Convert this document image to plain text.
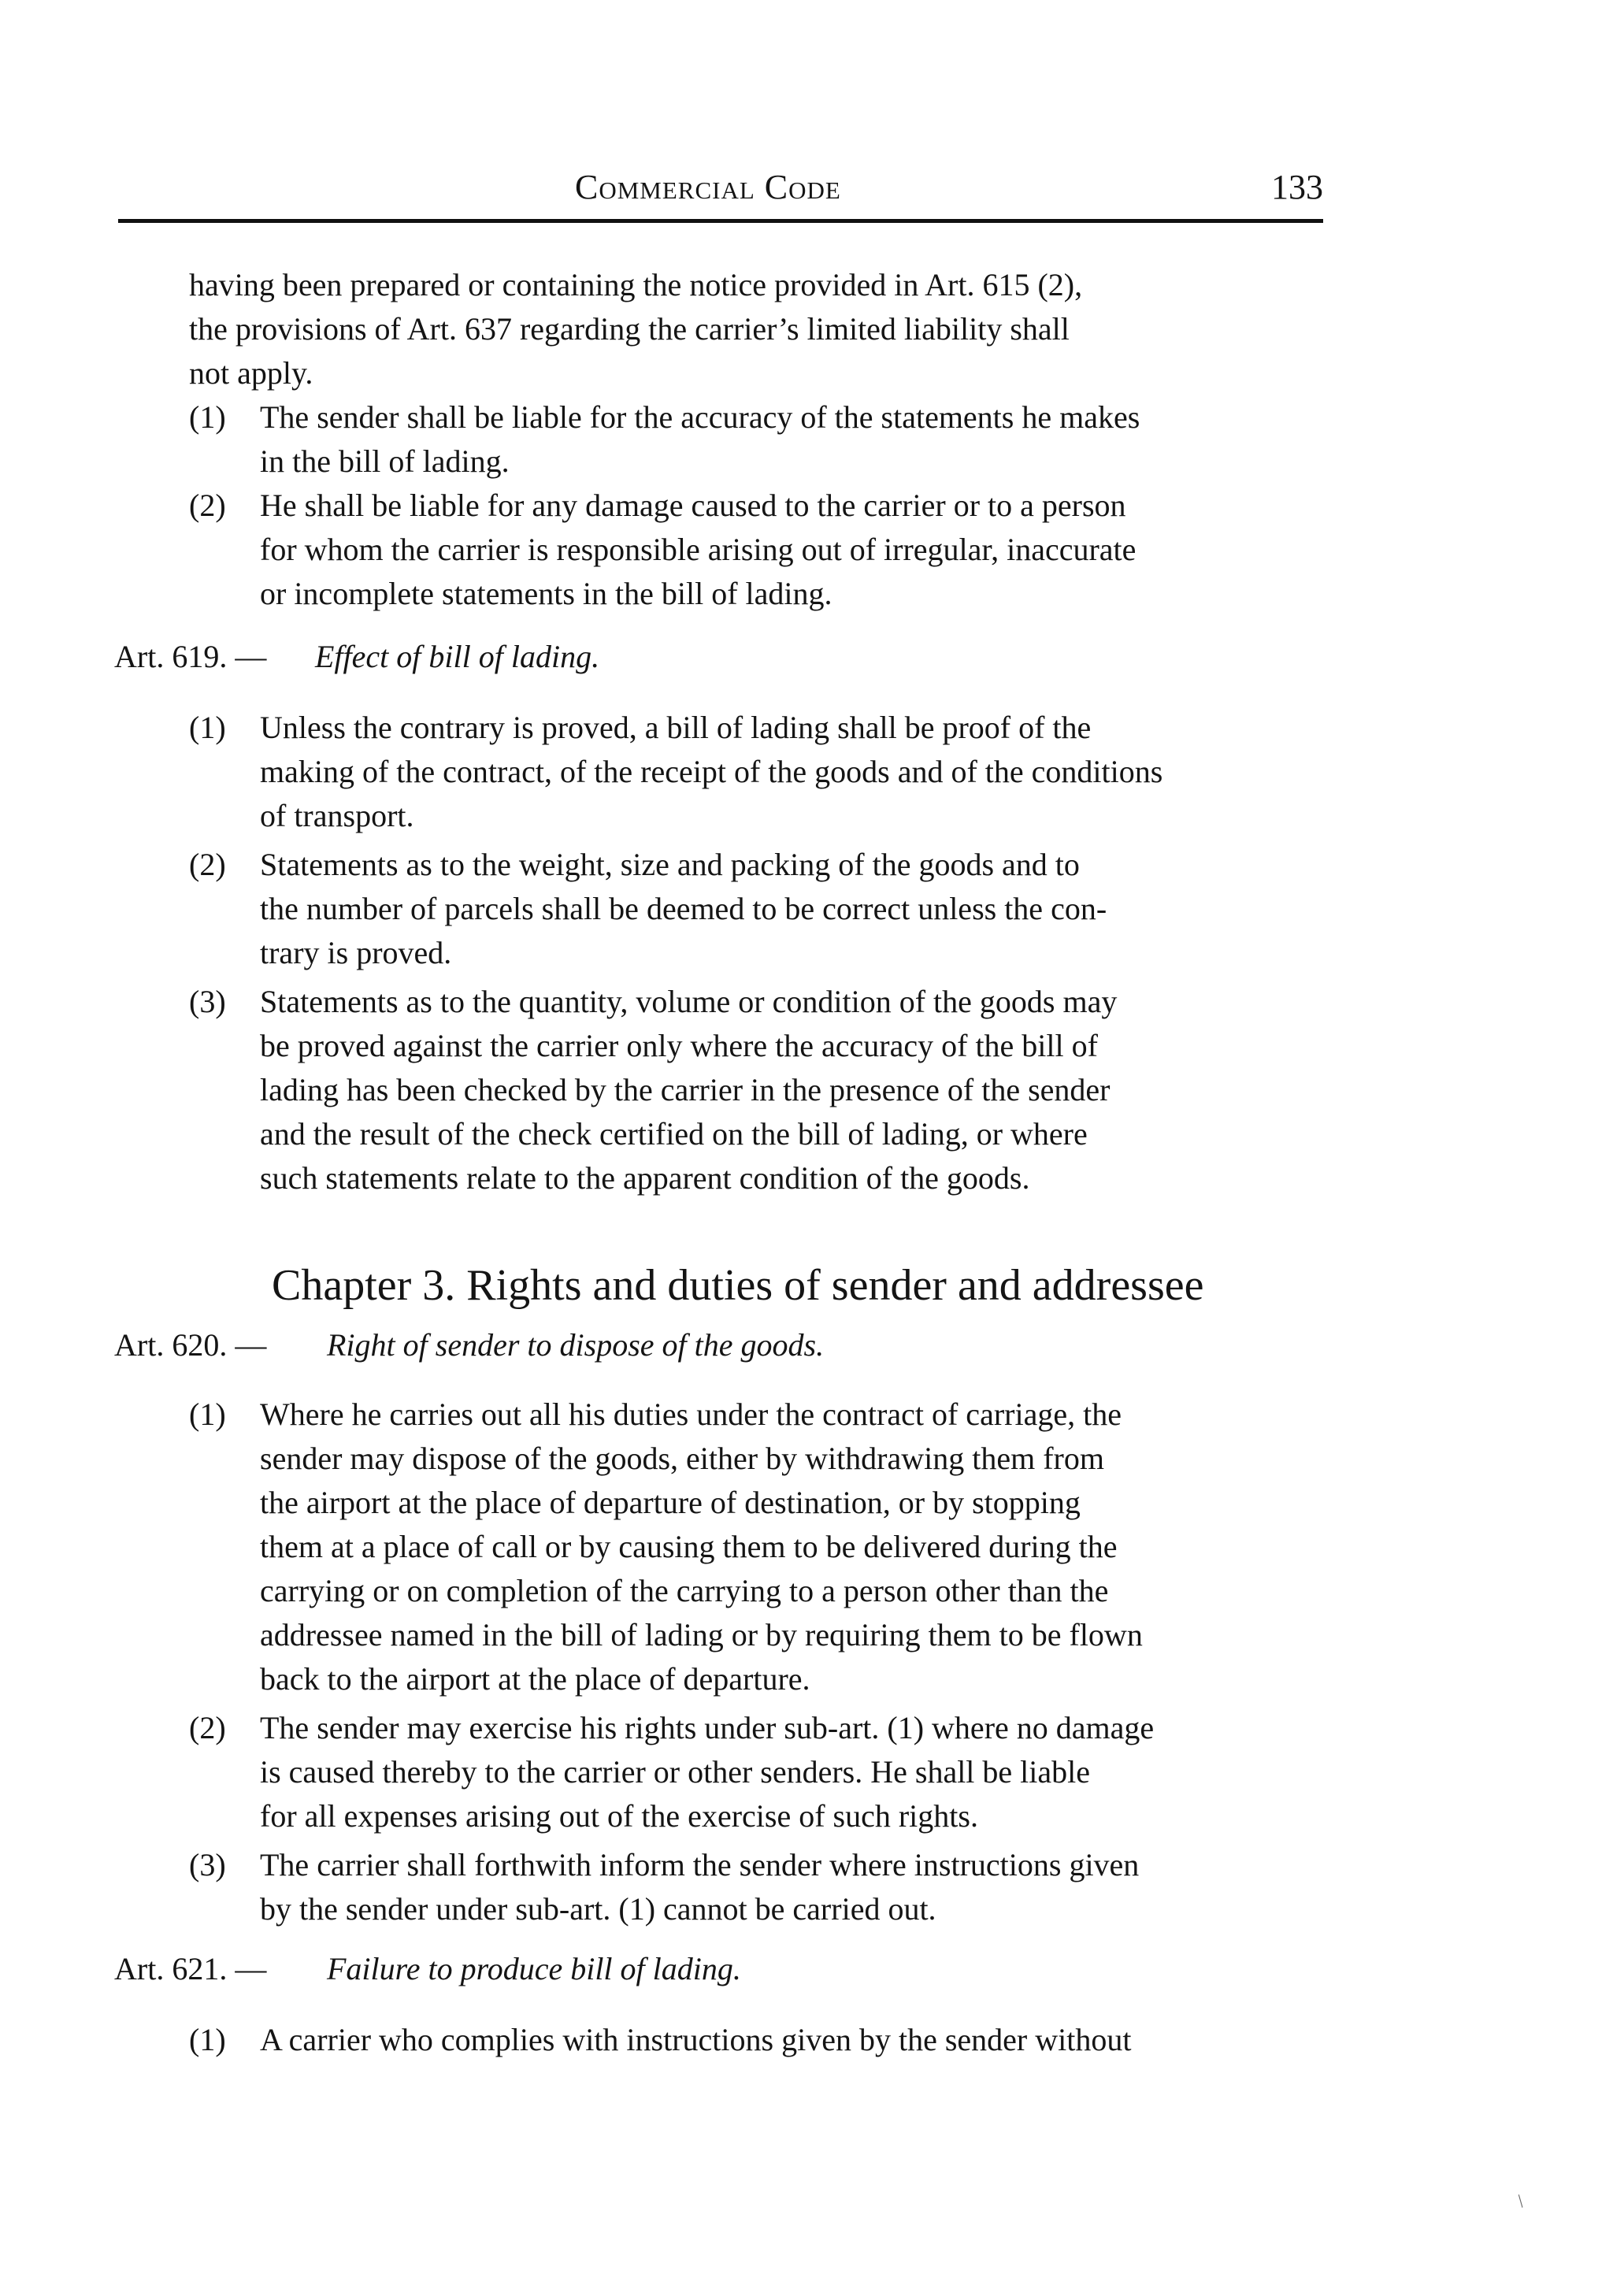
Commercial Code	133
having been prepared or containing the notice provided in Art. 615 (2),
the provisions of Art. 637 regarding the carrier’s limited liability shall
not apply.
(1) The sender shall be liable for the accuracy of the statements he makes
in the bill of lading.
(2) He shall be liable for any damage caused to the carrier or to a person
for whom the carrier is responsible arising out of irregular, inaccurate
or incomplete statements in the bill of lading.
Art. 619. — Effect of bill of lading.
(1) Unless the contrary is proved, a bill of lading shall be proof of the
making of the contract, of the receipt of the goods and of the conditions
of transport.
(2) Statements as to the weight, size and packing of the goods and to
the number of parcels shall be deemed to be correct unless the con-
trary is proved.
(3) Statements as to the quantity, volume or condition of the goods may
be proved against the carrier only where the accuracy of the bill of
lading has been checked by the carrier in the presence of the sender
and the result of the check certified on the bill of lading, or where
such statements relate to the apparent condition of the goods.
Chapter 3. Rights and duties of sender and addressee
Art. 620. — Right of sender to dispose of the goods.
(1) Where he carries out all his duties under the contract of carriage, the
sender may dispose of the goods, either by withdrawing them from
the airport at the place of departure of destination, or by stopping
them at a place of call or by causing them to be delivered during the
carrying or on completion of the carrying to a person other than the
addressee named in the bill of lading or by requiring them to be flown
back to the airport at the place of departure.
(2) The sender may exercise his rights under sub-art. (1) where no damage
is caused thereby to the carrier or other senders. He shall be liable
for all expenses arising out of the exercise of such rights.
(3) The carrier shall forthwith inform the sender where instructions given
by the sender under sub-art. (1) cannot be carried out.
Art. 621. — Failure to produce bill of lading.
(1) A carrier who complies with instructions given by the sender without
/
